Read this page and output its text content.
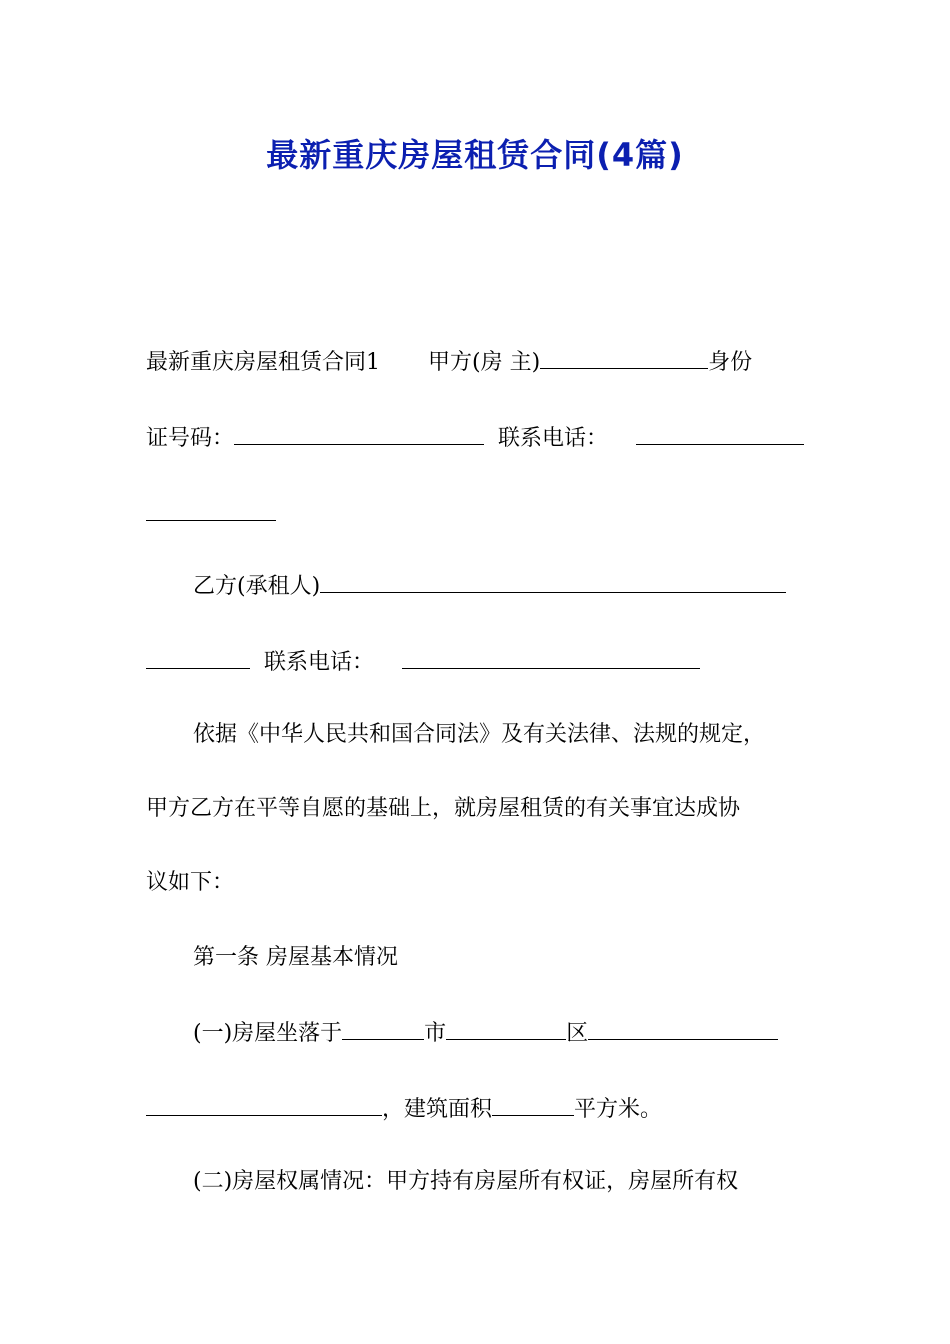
最新重庆房屋租赁合同(4篇)
最新重庆房屋租赁合同1 甲方(房 主)	身份
证号码：	联系电话：
乙方(承租人)
联系电话：
依据《中华人民共和国合同法》及有关法律、法规的规定，
甲方乙方在平等自愿的基础上，就房屋租赁的有关事宜达成协
议如下：
第一条 房屋基本情况
(一)房屋坐落于	市	区
，建筑面积	平方米。
(二)房屋权属情况：甲方持有房屋所有权证，房屋所有权
